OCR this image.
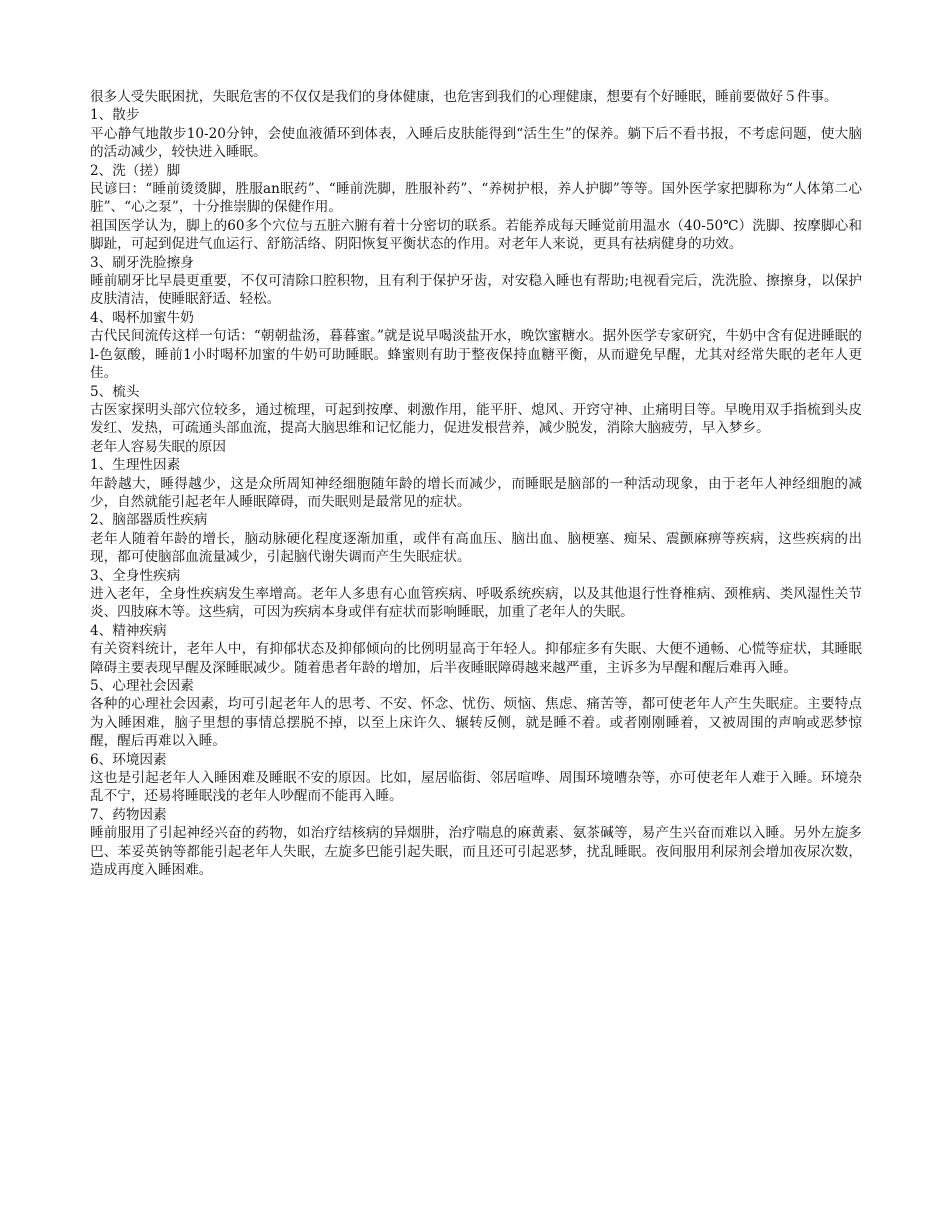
很多人受失眠困扰，失眠危害的不仅仅是我们的身体健康，也危害到我们的心理健康，想要有个好睡眠，睡前要做好５件事。

1、散步

平心静气地散步10-20分钟，会使血液循环到体表，入睡后皮肤能得到“活生生”的保养。躺下后不看书报，不考虑问题，使大脑的活动减少，较快进入睡眠。

2、洗（搓）脚

民谚曰：“睡前烫烫脚，胜服an眠药”、“睡前洗脚，胜服补药”、“养树护根，养人护脚”等等。国外医学家把脚称为“人体第二心脏”、“心之泵”，十分推崇脚的保健作用。

祖国医学认为，脚上的60多个穴位与五脏六腑有着十分密切的联系。若能养成每天睡觉前用温水（40-50℃）洗脚、按摩脚心和脚趾，可起到促进气血运行、舒筋活络、阴阳恢复平衡状态的作用。对老年人来说，更具有祛病健身的功效。

3、刷牙洗脸擦身

睡前刷牙比早晨更重要，不仅可清除口腔积物，且有利于保护牙齿，对安稳入睡也有帮助;电视看完后，洗洗脸、擦擦身，以保护皮肤清洁，使睡眠舒适、轻松。

4、喝杯加蜜牛奶

古代民间流传这样一句话：“朝朝盐汤，暮暮蜜。”就是说早喝淡盐开水，晚饮蜜糖水。据外医学专家研究，牛奶中含有促进睡眠的l-色氨酸，睡前1小时喝杯加蜜的牛奶可助睡眠。蜂蜜则有助于整夜保持血糖平衡，从而避免早醒，尤其对经常失眠的老年人更佳。

5、梳头

古医家探明头部穴位较多，通过梳理，可起到按摩、刺激作用，能平肝、熄风、开窍守神、止痛明目等。早晚用双手指梳到头皮发红、发热，可疏通头部血流，提高大脑思维和记忆能力，促进发根营养，减少脱发，消除大脑疲劳，早入梦乡。

老年人容易失眠的原因

1、生理性因素

年龄越大，睡得越少，这是众所周知神经细胞随年龄的增长而减少，而睡眠是脑部的一种活动现象，由于老年人神经细胞的减少，自然就能引起老年人睡眠障碍，而失眠则是最常见的症状。

2、脑部器质性疾病

老年人随着年龄的增长，脑动脉硬化程度逐渐加重，或伴有高血压、脑出血、脑梗塞、痴呆、震颤麻痹等疾病，这些疾病的出现，都可使脑部血流量减少，引起脑代谢失调而产生失眠症状。

3、全身性疾病

进入老年，全身性疾病发生率增高。老年人多患有心血管疾病、呼吸系统疾病，以及其他退行性脊椎病、颈椎病、类风湿性关节炎、四肢麻木等。这些病，可因为疾病本身或伴有症状而影响睡眠，加重了老年人的失眠。

4、精神疾病

有关资料统计，老年人中，有抑郁状态及抑郁倾向的比例明显高于年轻人。抑郁症多有失眠、大便不通畅、心慌等症状，其睡眠障碍主要表现早醒及深睡眠减少。随着患者年龄的增加，后半夜睡眠障碍越来越严重，主诉多为早醒和醒后难再入睡。

5、心理社会因素

各种的心理社会因素，均可引起老年人的思考、不安、怀念、忧伤、烦恼、焦虑、痛苦等，都可使老年人产生失眠症。主要特点为入睡困难，脑子里想的事情总摆脱不掉，以至上床许久、辗转反侧，就是睡不着。或者刚刚睡着，又被周围的声响或恶梦惊醒，醒后再难以入睡。

6、环境因素

这也是引起老年人入睡困难及睡眠不安的原因。比如，屋居临街、邻居喧哗、周围环境嘈杂等，亦可使老年人难于入睡。环境杂乱不宁，还易将睡眠浅的老年人吵醒而不能再入睡。

7、药物因素

睡前服用了引起神经兴奋的药物，如治疗结核病的异烟肼，治疗喘息的麻黄素、氨茶碱等，易产生兴奋而难以入睡。另外左旋多巴、苯妥英钠等都能引起老年人失眠，左旋多巴能引起失眠，而且还可引起恶梦，扰乱睡眠。夜间服用利尿剂会增加夜尿次数，造成再度入睡困难。
